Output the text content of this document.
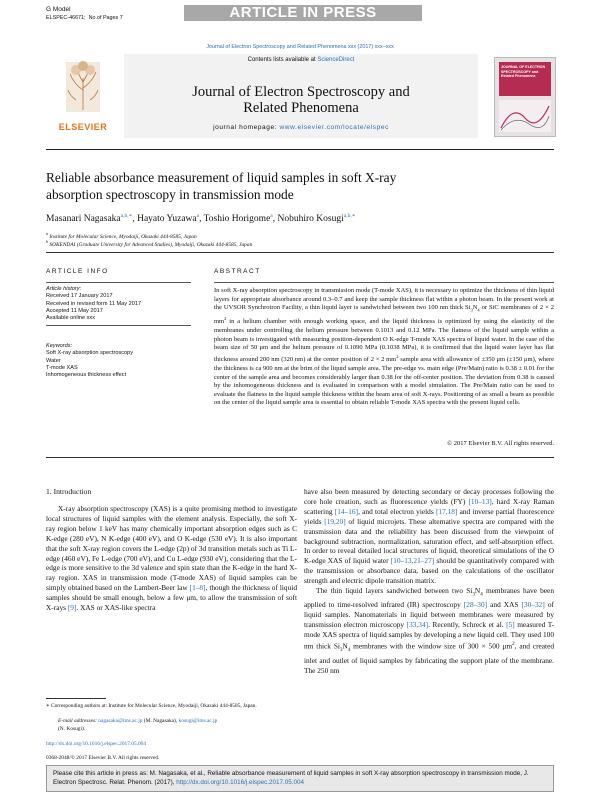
G Model
ELSPEC-46671; No.of Pages 7	ARTICLE IN PRESS
Journal of Electron Spectroscopy and Related Phenomena xxx (2017) xxx–xxx
ELSEVIER
Contents lists available at ScienceDirect
Journal of Electron Spectroscopy and
Related Phenomena
journal homepage: www.elsevier.com/locate/elspec
JOURNAL OF ELECTRON SPECTROSCOPY and Related Phenomena
Reliable absorbance measurement of liquid samples in soft X-ray
absorption spectroscopy in transmission mode
Masanari Nagasaka$^{a,b,∗}$, Hayato Yuzawa$^a$, Toshio Horigome$^a$, Nobuhiro Kosugi$^{a,b,∗}$
$^a$ Institute for Molecular Science, Myodaiji, Okazaki 444-8585, Japan
$^b$ SOKENDAI (Graduate University for Advanced Studies), Myodaiji, Okazaki 444-8585, Japan
ARTICLE INFO
Article history:
Received 17 January 2017
Received in revised form 11 May 2017
Accepted 11 May 2017
Available online xxx
Keywords:
Soft X-ray absorption spectroscopy
Water
T-mode XAS
Inhomogeneous thickness effect
ABSTRACT
In soft X-ray absorption spectroscopy in transmission mode (T-mode XAS), it is necessary to optimize the thickness of thin liquid layers for appropriate absorbance around 0.3–0.7 and keep the sample thickness flat within a photon beam. In the present work at the UVSOR Synchrotron Facility, a thin liquid layer is sandwiched between two 100 nm thick $Si_3N_4$ or SiC membranes of 2 × 2 $mm^2$ in a helium chamber with enough working space, and the liquid thickness is optimized by using the elasticity of the membranes under controlling the helium pressure between 0.1013 and 0.12 MPa. The flatness of the liquid sample within a photon beam is investigated with measuring position-dependent O K-edge T-mode XAS spectra of liquid water. In the case of the beam size of 50 μm and the helium pressure of 0.1090 MPa (0.1038 MPa), it is confirmed that the liquid water layer has flat thickness around 200 nm (320 nm) at the center position of 2 × 2 $mm^2$ sample area with allowance of ±350 μm (±150 μm), where the thickness is ca 900 nm at the brim of the liquid sample area. The pre-edge vs. main edge (Pre/Main) ratio is 0.38 ± 0.01 for the center of the sample area and becomes considerably larger than 0.38 for the off-center position. The deviation from 0.38 is caused by the inhomogeneous thickness and is evaluated in comparison with a model simulation. The Pre/Main ratio can be used to evaluate the flatness in the liquid sample thickness within the beam area of soft X-rays. Positioning of as small a beam as possible on the center of the liquid sample area is essential to obtain reliable T-mode XAS spectra with the present liquid cells.
© 2017 Elsevier B.V. All rights reserved.
1. Introduction

X-ray absorption spectroscopy (XAS) is a quite promising method to investigate local structures of liquid samples with the element analysis. Especially, the soft X-ray region below 1 keV has many chemically important absorption edges such as C K-edge (280 eV), N K-edge (400 eV), and O K-edge (530 eV). It is also important that the soft X-ray region covers the L-edge (2p) of 3d transition metals such as Ti L-edge (460 eV), Fe L-edge (700 eV), and Cu L-edge (930 eV), considering that the L-edge is more sensitive to the 3d valence and spin state than the K-edge in the hard X-ray region. XAS in transmission mode (T-mode XAS) of liquid samples can be simply obtained based on the Lambert-Beer law [1–8], though the thickness of liquid samples should be small enough, below a few μm, to allow the transmission of soft X-rays [9]. XAS or XAS-like spectra

∗ Corresponding authors at: Institute for Molecular Science, Myodaiji, Okazaki 444-8585, Japan.
E-mail addresses: nagasaka@ims.ac.jp (M. Nagasaka), kosugi@ims.ac.jp
(N. Kosugi).
http://dx.doi.org/10.1016/j.elspec.2017.05.004
0368-2048/© 2017 Elsevier B.V. All rights reserved.

have also been measured by detecting secondary or decay processes following the core hole creation, such as fluorescence yields (FY) [10–13], hard X-ray Raman scattering [14–16], and total electron yields [17,18] and inverse partial fluorescence yields [19,20] of liquid microjets. These alternative spectra are compared with the transmission data and the reliability has been discussed from the viewpoint of background subtraction, normalization, saturation effect, and self-absorption effect. In order to reveal detailed local structures of liquid, theoretical simulations of the O K-edge XAS of liquid water [10–13,21–27] should be quantitatively compared with the transmission or absorbance data, based on the calculations of the oscillator strength and electric dipole transition matrix.

The thin liquid layers sandwiched between two $Si_3N_4$ membranes have been applied to time-resolved infrared (IR) spectroscopy [28–30] and XAS [30–32] of liquid samples. Nanomaterials in liquid between membranes were measured by transmission electron microscopy [33,34]. Recently, Schreck et al. [5] measured T-mode XAS spectra of liquid samples by developing a new liquid cell. They used 100 nm thick $Si_3N_4$ membranes with the window size of 300 × 500 $\mu m^2$, and created inlet and outlet of liquid samples by fabricating the support plate of the membrane. The 250 nm

Please cite this article in press as: M. Nagasaka, et al., Reliable absorbance measurement of liquid samples in soft X-ray absorption spectroscopy in transmission mode, J. Electron Spectrosc. Relat. Phenom. (2017), http://dx.doi.org/10.1016/j.elspec.2017.05.004
